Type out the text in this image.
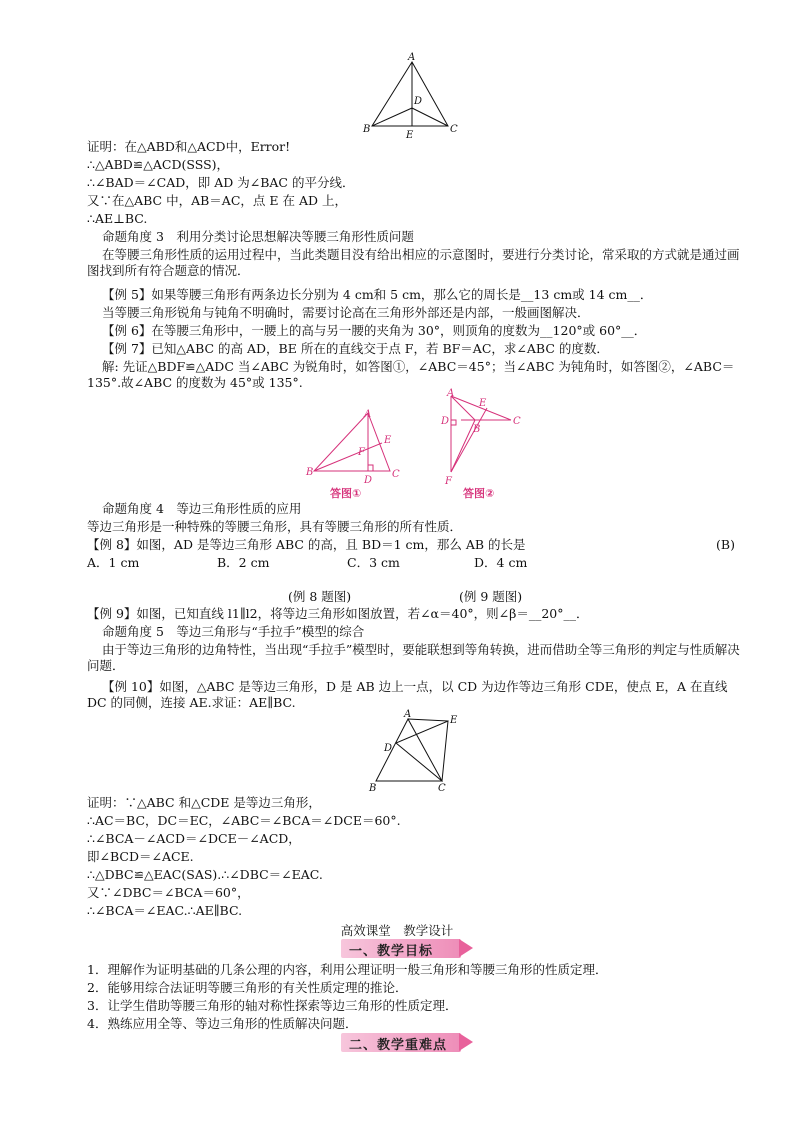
A
D
B
E
C
证明：在△ABD和△ACD中，Error!
∴△ABD≌△ACD(SSS)，
∴∠BAD＝∠CAD，即 AD 为∠BAC 的平分线．
又∵在△ABC 中，AB＝AC，点 E 在 AD 上，
∴AE⊥BC.
命题角度 3　利用分类讨论思想解决等腰三角形性质问题
在等腰三角形性质的运用过程中，当此类题目没有给出相应的示意图时，要进行分类讨论，常采取的方式就是通过画图找到所有符合题意的情况．
【例 5】如果等腰三角形有两条边长分别为 4 cm和 5 cm，那么它的周长是__13 cm或 14 cm__．
当等腰三角形锐角与钝角不明确时，需要讨论高在三角形外部还是内部，一般画图解决．
【例 6】在等腰三角形中，一腰上的高与另一腰的夹角为 30°，则顶角的度数为__120°或 60°__．
【例 7】已知△ABC 的高 AD，BE 所在的直线交于点 F，若 BF＝AC，求∠ABC 的度数．
解: 先证△BDF≌△ADC 当∠ABC 为锐角时，如答图①，∠ABC＝45°；当∠ABC 为钝角时，如答图②，∠ABC＝135°.故∠ABC 的度数为 45°或 135°.
A
E
F
B
D
C
答图①
A
E
D
B
C
F
答图②
命题角度 4　等边三角形性质的应用
等边三角形是一种特殊的等腰三角形，具有等腰三角形的所有性质．
【例 8】如图，AD 是等边三角形 ABC 的高，且 BD＝1 cm，那么 AB 的长是	(B)
A．1 cm	B．2 cm	C．3 cm	D．4 cm
(例 8 题图)	(例 9 题图)
【例 9】如图，已知直线 l1∥l2，将等边三角形如图放置，若∠α＝40°，则∠β＝__20°__．
命题角度 5　等边三角形与“手拉手”模型的综合
由于等边三角形的边角特性，当出现“手拉手”模型时，要能联想到等角转换，进而借助全等三角形的判定与性质解决问题．
【例 10】如图，△ABC 是等边三角形，D 是 AB 边上一点，以 CD 为边作等边三角形 CDE，使点 E，A 在直线 DC 的同侧，连接 AE.求证：AE∥BC.
A
E
D
B	C
证明：∵△ABC 和△CDE 是等边三角形，
∴AC＝BC，DC＝EC，∠ABC＝∠BCA＝∠DCE＝60°.
∴∠BCA－∠ACD＝∠DCE－∠ACD，
即∠BCD＝∠ACE.
∴△DBC≌△EAC(SAS).∴∠DBC＝∠EAC.
又∵∠DBC＝∠BCA＝60°，
∴∠BCA＝∠EAC.∴AE∥BC.
高效课堂　教学设计
一、教学目标
1．理解作为证明基础的几条公理的内容，利用公理证明一般三角形和等腰三角形的性质定理．
2．能够用综合法证明等腰三角形的有关性质定理的推论．
3．让学生借助等腰三角形的轴对称性探索等边三角形的性质定理．
4．熟练应用全等、等边三角形的性质解决问题．
二、教学重难点
